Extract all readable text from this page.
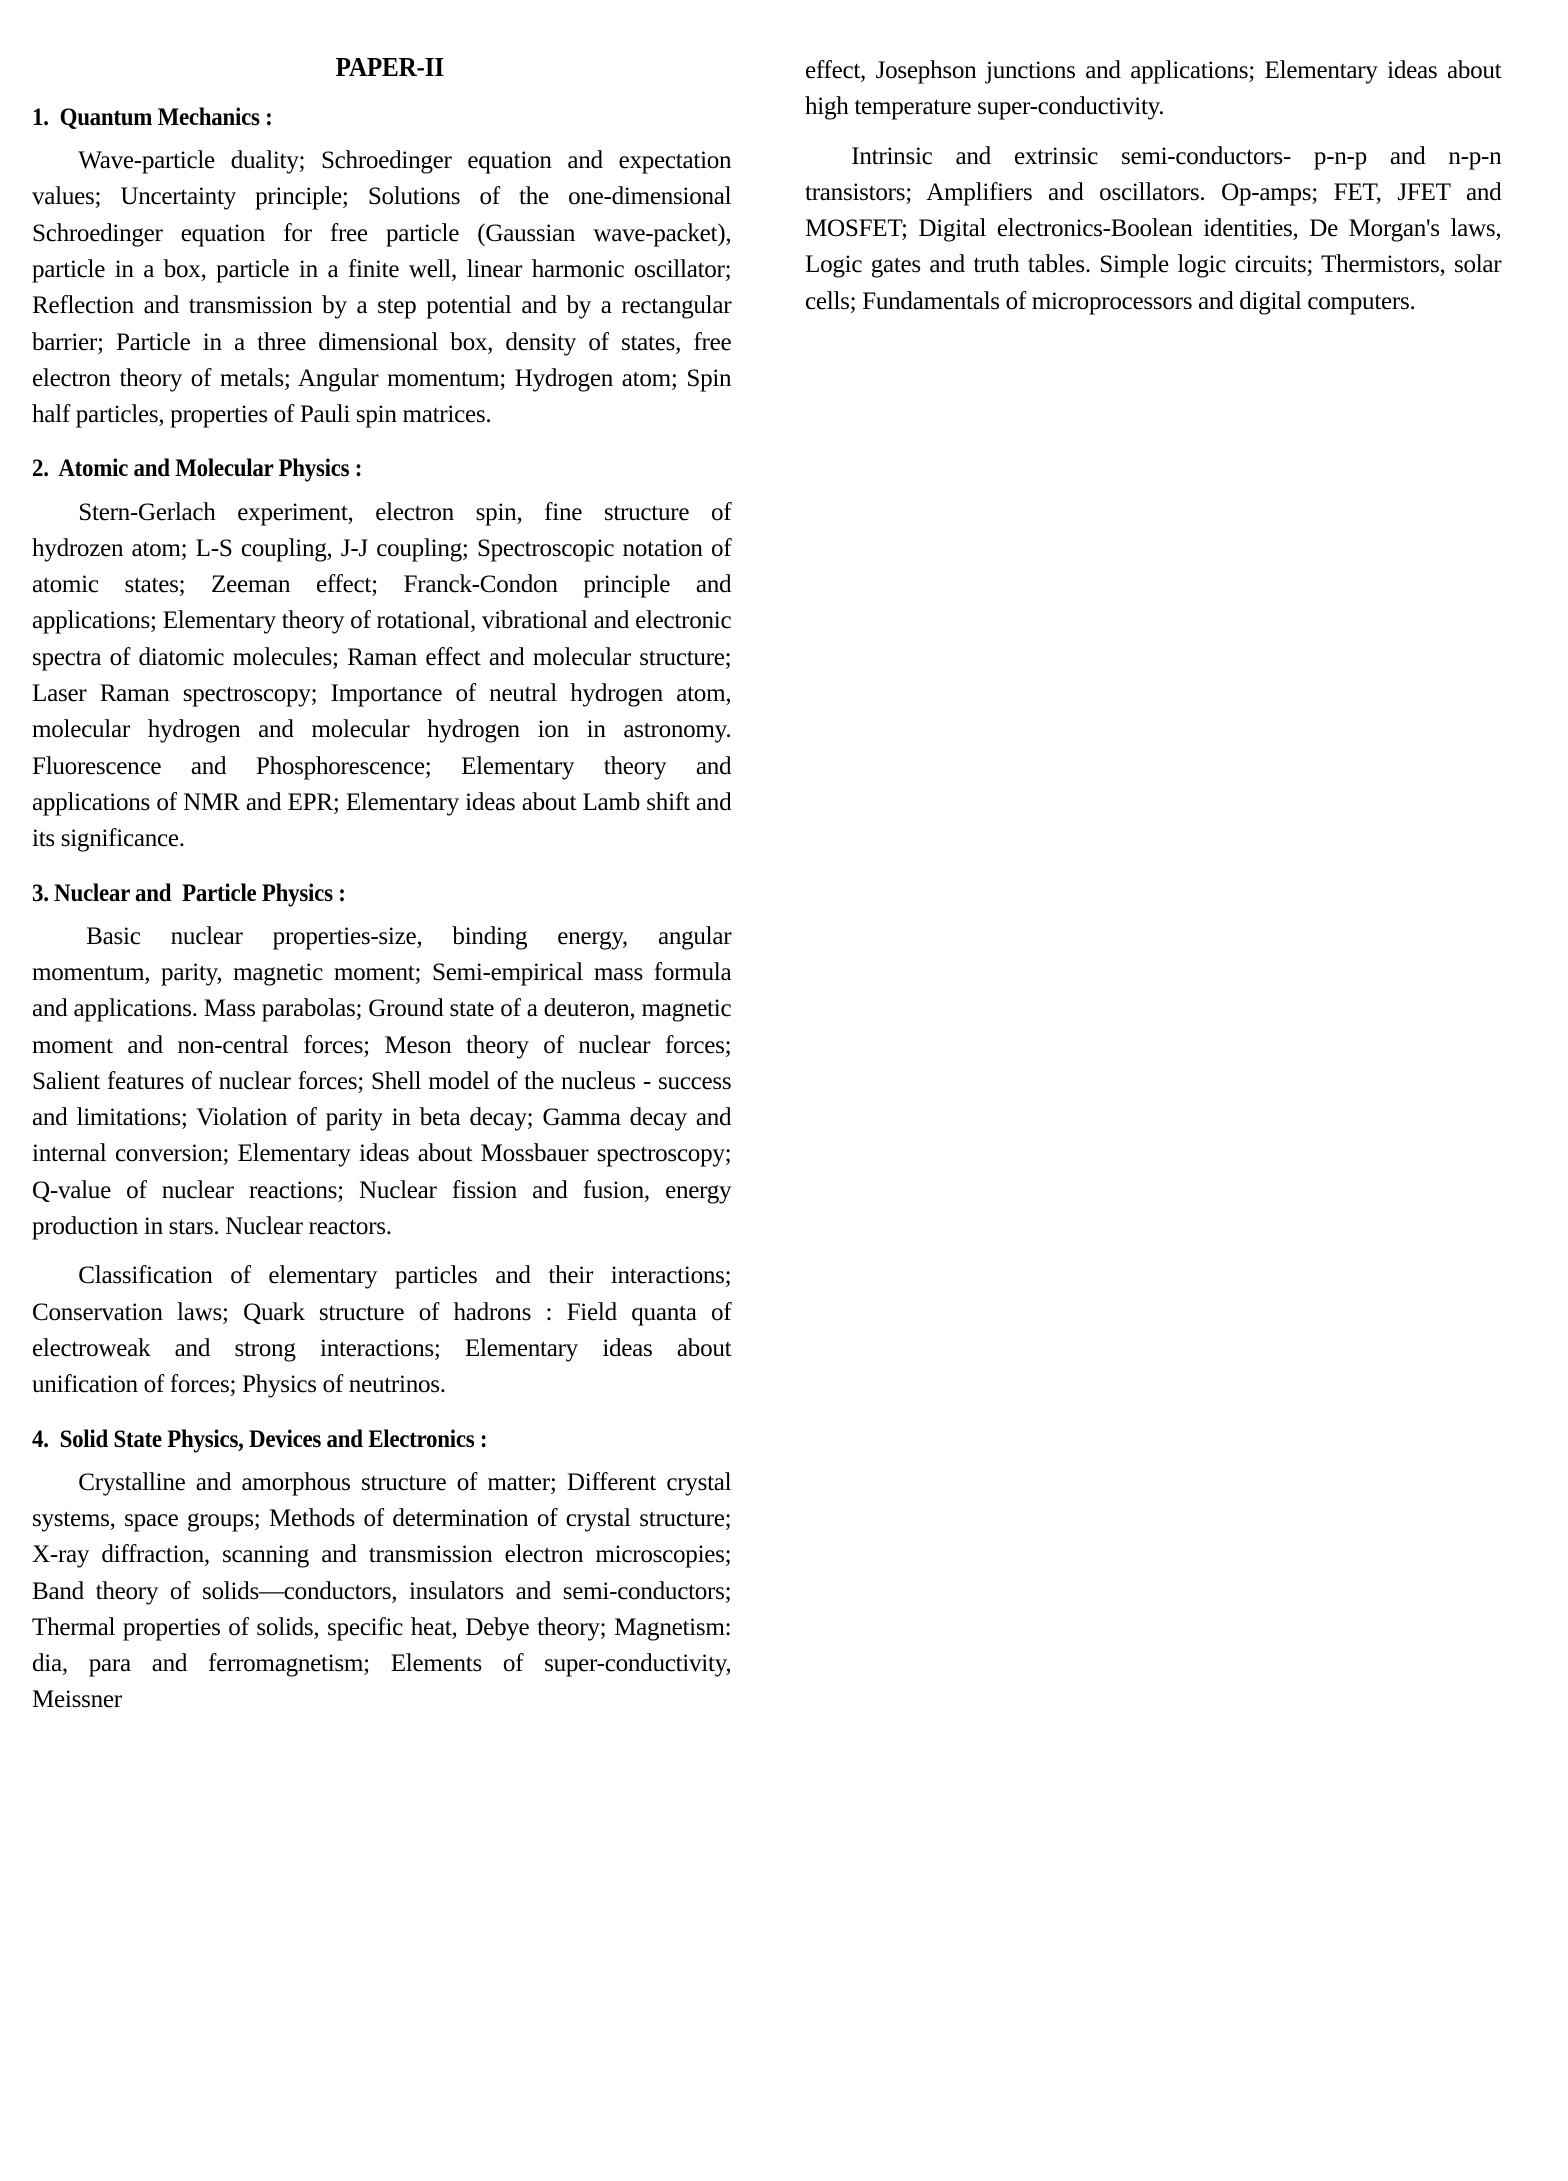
PAPER-II
1.  Quantum Mechanics :

Wave-particle duality; Schroedinger equation and expectation values; Uncertainty principle; Solutions of the one-dimensional Schroedinger equation for free particle (Gaussian wave-packet), particle in a box, particle in a finite well, linear harmonic oscillator; Reflection and transmission by a step potential and by a rectangular barrier; Particle in a three dimensional box, density of states, free electron theory of metals; Angular momentum; Hydrogen atom; Spin half particles, properties of Pauli spin matrices.

2.  Atomic and Molecular Physics :

Stern-Gerlach experiment, electron spin, fine structure of hydrozen atom; L-S coupling, J-J coupling; Spectroscopic notation of atomic states; Zeeman effect; Franck-Condon principle and applications; Elementary theory of rotational, vibrational and electronic spectra of diatomic molecules; Raman effect and molecular structure; Laser Raman spectroscopy; Importance of neutral hydrogen atom, molecular hydrogen and molecular hydrogen ion in astronomy. Fluorescence and Phosphorescence; Elementary theory and applications of NMR and EPR; Elementary ideas about Lamb shift and its significance.

3. Nuclear and  Particle Physics :

Basic nuclear properties-size, binding energy, angular momentum, parity, magnetic moment; Semi-empirical mass formula and applications. Mass parabolas; Ground state of a deuteron, magnetic moment and non-central forces; Meson theory of nuclear forces; Salient features of nuclear forces; Shell model of the nucleus - success and limitations; Violation of parity in beta decay; Gamma decay and internal conversion; Elementary ideas about Mossbauer spectroscopy; Q-value of nuclear reactions; Nuclear fission and fusion, energy production in stars. Nuclear reactors.

Classification of elementary particles and their interactions; Conservation laws; Quark structure of hadrons : Field quanta of electroweak and strong interactions; Elementary ideas about unification of forces; Physics of neutrinos.

4.  Solid State Physics, Devices and Electronics :

Crystalline and amorphous structure of matter; Different crystal systems, space groups; Methods of determination of crystal structure; X-ray diffraction, scanning and transmission electron microscopies; Band theory of solids—conductors, insulators and semi-conductors; Thermal properties of solids, specific heat, Debye theory; Magnetism: dia, para and ferromagnetism; Elements of super-conductivity, Meissner

effect, Josephson junctions and applications; Elementary ideas about high temperature super-conductivity.

Intrinsic and extrinsic semi-conductors- p-n-p and n-p-n transistors; Amplifiers and oscillators. Op-amps; FET, JFET and MOSFET; Digital electronics-Boolean identities, De Morgan's laws, Logic gates and truth tables. Simple logic circuits; Thermistors, solar cells; Fundamentals of microprocessors and digital computers.
